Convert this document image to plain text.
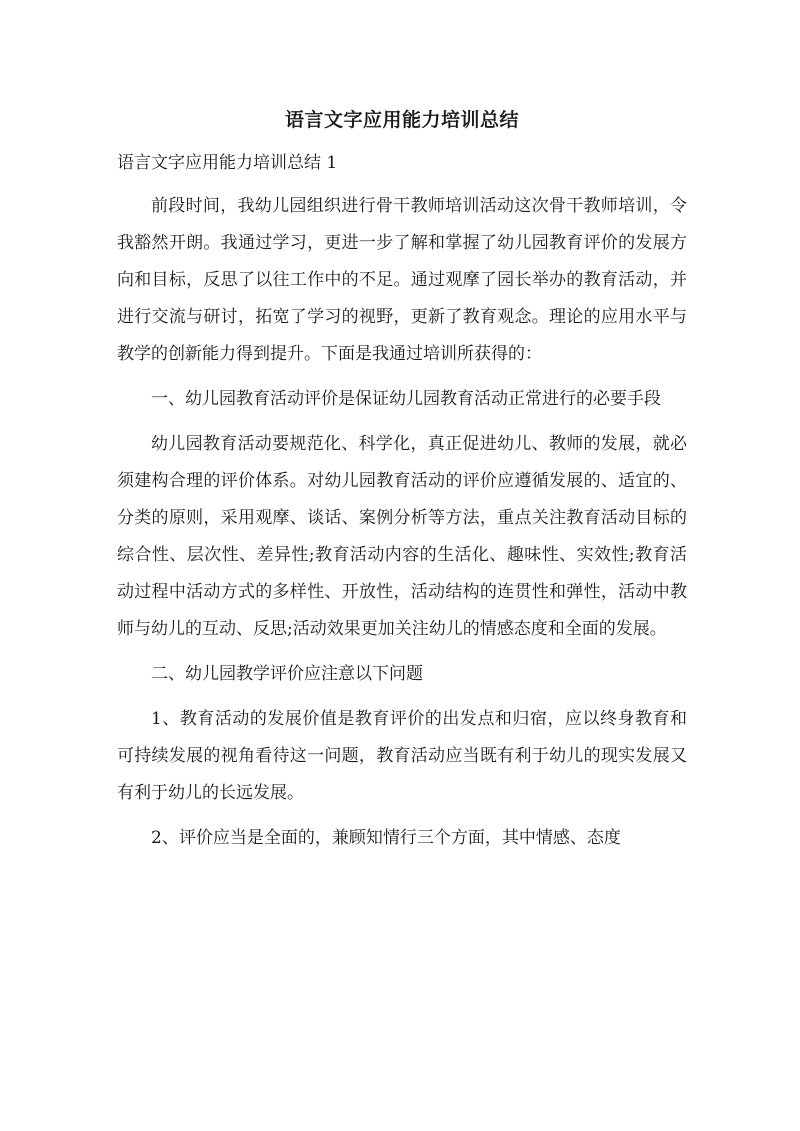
语言文字应用能力培训总结
语言文字应用能力培训总结 1

前段时间，我幼儿园组织进行骨干教师培训活动这次骨干教师培训，令我豁然开朗。我通过学习，更进一步了解和掌握了幼儿园教育评价的发展方向和目标，反思了以往工作中的不足。通过观摩了园长举办的教育活动，并进行交流与研讨，拓宽了学习的视野，更新了教育观念。理论的应用水平与教学的创新能力得到提升。下面是我通过培训所获得的：

一、幼儿园教育活动评价是保证幼儿园教育活动正常进行的必要手段

幼儿园教育活动要规范化、科学化，真正促进幼儿、教师的发展，就必须建构合理的评价体系。对幼儿园教育活动的评价应遵循发展的、适宜的、分类的原则，采用观摩、谈话、案例分析等方法，重点关注教育活动目标的综合性、层次性、差异性;教育活动内容的生活化、趣味性、实效性;教育活动过程中活动方式的多样性、开放性，活动结构的连贯性和弹性，活动中教师与幼儿的互动、反思;活动效果更加关注幼儿的情感态度和全面的发展。

二、幼儿园教学评价应注意以下问题

1、教育活动的发展价值是教育评价的出发点和归宿，应以终身教育和可持续发展的视角看待这一问题，教育活动应当既有利于幼儿的现实发展又有利于幼儿的长远发展。

2、评价应当是全面的，兼顾知情行三个方面，其中情感、态度
